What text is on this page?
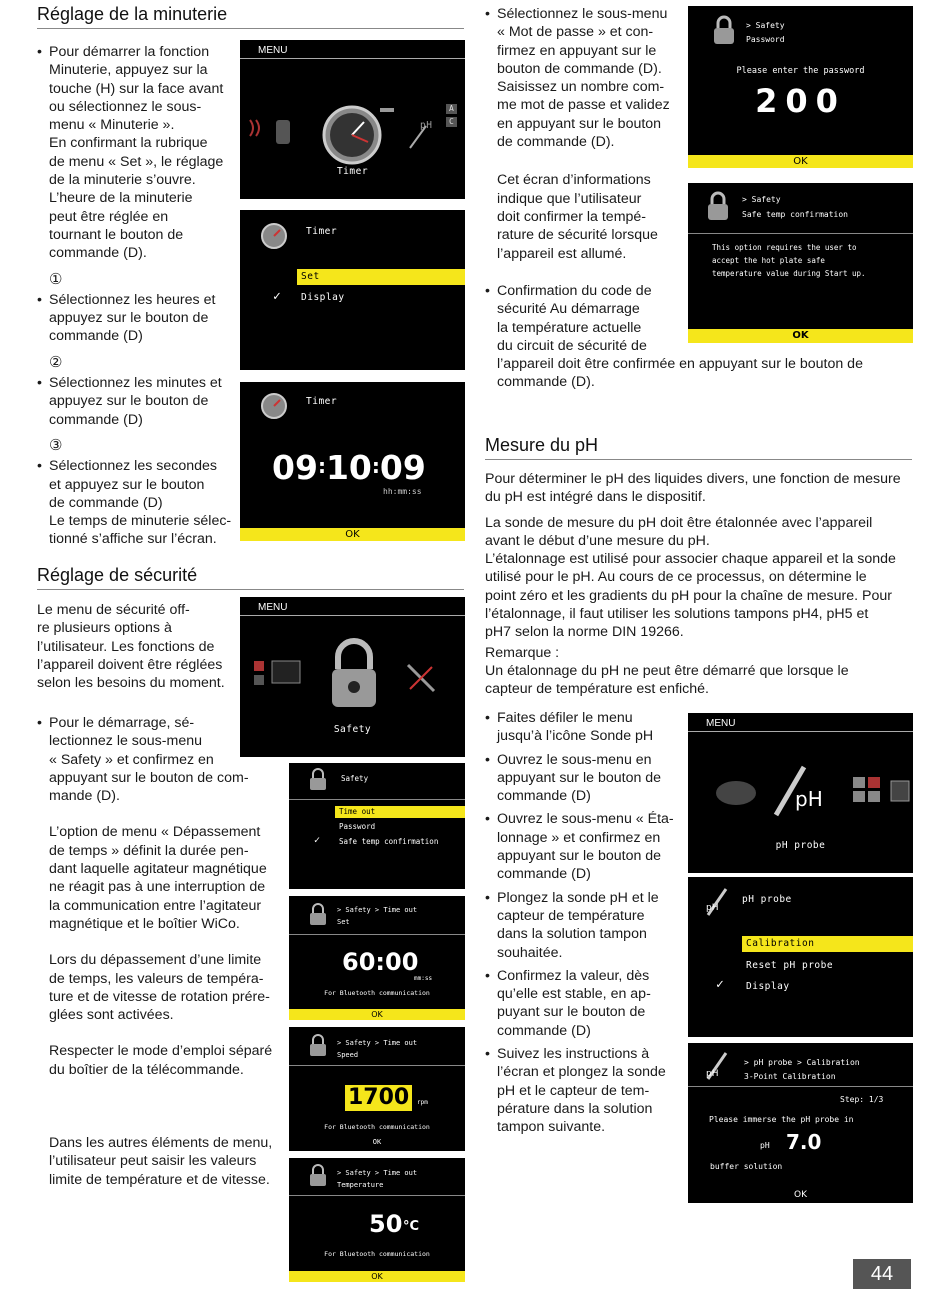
Réglage de la minuterie

• Pour démarrer la fonction

Minuterie, appuyez sur la

touche (H) sur la face avant

ou sélectionnez le sous-

menu « Minuterie ».

En confirmant la rubrique

de menu « Set », le réglage

de la minuterie s’ouvre.

L’heure de la minuterie

peut être réglée en

tournant le bouton de

commande (D).

①

• Sélectionnez les heures et

appuyez sur le bouton de

commande (D)

②

• Sélectionnez les minutes et

appuyez sur le bouton de

commande (D)

③

• Sélectionnez les secondes

et appuyez sur le bouton

de commande (D)

Le temps de minuterie sélec-

tionné s’affiche sur l’écran.

MENU
pH
A
C
Timer
Timer
Set
✓ Display
Timer
09:10:09
hh:mm:ss
OK
Réglage de sécurité

Le menu de sécurité off-

re plusieurs options à

l’utilisateur. Les fonctions de

l’appareil doivent être réglées

selon les besoins du moment.

• Pour le démarrage, sé-

lectionnez le sous-menu

« Safety » et confirmez en

appuyant sur le bouton de com-

mande (D).

L’option de menu « Dépassement

de temps » définit la durée pen-

dant laquelle agitateur magnétique

ne réagit pas à une interruption de

la communication entre l’agitateur

magnétique et le boîtier WiCo.

Lors du dépassement d’une limite

de temps, les valeurs de tempéra-

ture et de vitesse de rotation prére-

glées sont activées.

Respecter le mode d’emploi séparé

du boîtier de la télécommande.

Dans les autres éléments de menu,

l’utilisateur peut saisir les valeurs

limite de température et de vitesse.

MENU
Safety
Safety
Time out
Password
✓	Safe temp confirmation
> Safety > Time out
Set
60:00
mm:ss
For Bluetooth communication
OK
> Safety > Time out
Speed
1700	rpm
For Bluetooth communication
OK
> Safety > Time out
Temperature
50 °C
For Bluetooth communication
OK

• Sélectionnez le sous-menu

« Mot de passe » et con-

firmez en appuyant sur le

bouton de commande (D).

Saisissez un nombre com-

me mot de passe et validez

en appuyant sur le bouton

de commande (D).

Cet écran d’informations

indique que l’utilisateur

doit confirmer la tempé-

rature de sécurité lorsque

l’appareil est allumé.

• Confirmation du code de

sécurité Au démarrage

la température actuelle

du circuit de sécurité de

l’appareil doit être confirmée en appuyant sur le bouton de

commande (D).

> Safety
Password
Please enter the password
200
OK
> Safety
Safe temp confirmation
This option requires the user to
accept the hot plate safe
temperature value during Start up.
OK
Mesure du pH

Pour déterminer le pH des liquides divers, une fonction de mesure

du pH est intégré dans le dispositif.

La sonde de mesure du pH doit être étalonnée avec l’appareil

avant le début d’une mesure du pH.

L’étalonnage est utilisé pour associer chaque appareil et la sonde

utilisé pour le pH. Au cours de ce processus, on détermine le

point zéro et les gradients du pH pour la chaîne de mesure. Pour

l’étalonnage, il faut utiliser les solutions tampons pH4, pH5 et

pH7 selon la norme DIN 19266.

Remarque :

Un étalonnage du pH ne peut être démarré que lorsque le

capteur de température est enfiché.

• Faites défiler le menu

jusqu’à l’icône Sonde pH

• Ouvrez le sous-menu en

appuyant sur le bouton de

commande (D)

• Ouvrez le sous-menu « Éta-

lonnage » et confirmez en

appuyant sur le bouton de

commande (D)

• Plongez la sonde pH et le

capteur de température

dans la solution tampon

souhaitée.

• Confirmez la valeur, dès

qu’elle est stable, en ap-

puyant sur le bouton de

commande (D)

• Suivez les instructions à

l’écran et plongez la sonde

pH et le capteur de tem-

pérature dans la solution

tampon suivante.

MENU
pH
pH probe
pH
pH probe
Calibration
Reset pH probe
✓ Display
pH
> pH probe > Calibration
3-Point Calibration
Step: 1/3
Please immerse the pH probe in
pH 7.0
buffer solution
OK
44
